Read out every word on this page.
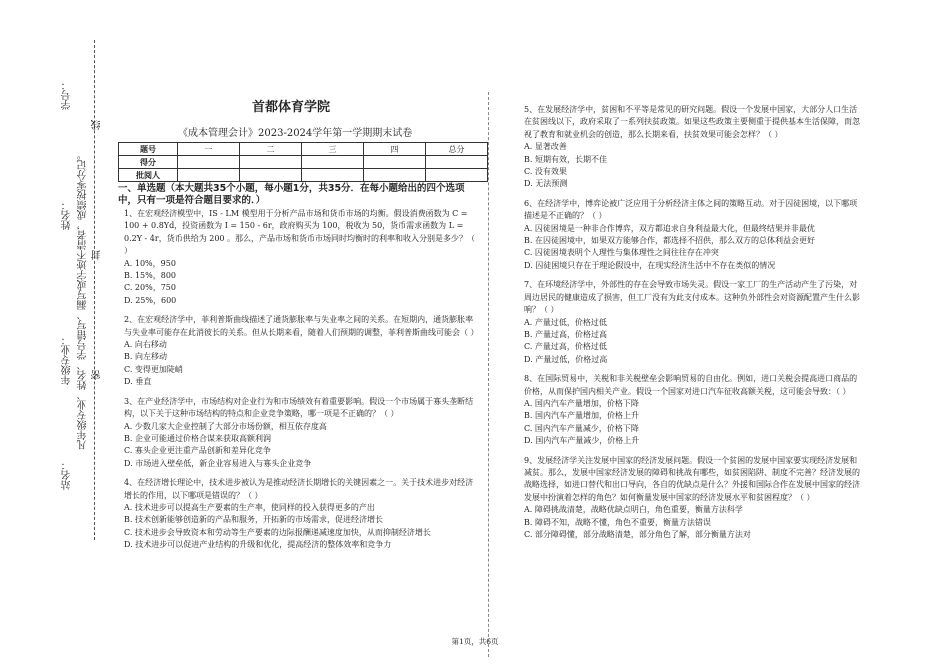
学号：
姓名：
年级专业：
站名：
凡年级专业、姓名、学号错写、漏写或字迹不清者，成绩按零分记。
线
封
密
首都体育学院
《成本管理会计》2023-2024学年第一学期期末试卷
题号	一	二	三	四	总分
得分					
批阅人					
一、单选题（本大题共35个小题，每小题1分，共35分．在每小题给出的四个选项中，只有一项是符合题目要求的．）
1、在宏观经济模型中，IS - LM 模型用于分析产品市场和货币市场的均衡。假设消费函数为 C = 100 + 0.8Yd，投资函数为 I = 150 - 6r，政府购买为 100，税收为 50，货币需求函数为 L = 0.2Y - 4r，货币供给为 200 。那么，产品市场和货币市场同时均衡时的利率和收入分别是多少？（ ）
A. 10%，950
B. 15%，800
C. 20%，750
D. 25%，600
2、在宏观经济学中，菲利普斯曲线描述了通货膨胀率与失业率之间的关系。在短期内，通货膨胀率与失业率可能存在此消彼长的关系。但从长期来看，随着人们预期的调整，菲利普斯曲线可能会（ ）
A. 向右移动
B. 向左移动
C. 变得更加陡峭
D. 垂直
3、在产业经济学中，市场结构对企业行为和市场绩效有着重要影响。假设一个市场属于寡头垄断结构，以下关于这种市场结构的特点和企业竞争策略，哪一项是不正确的？（ ）
A. 少数几家大企业控制了大部分市场份额，相互依存度高
B. 企业可能通过价格合谋来获取高额利润
C. 寡头企业更注重产品创新和差异化竞争
D. 市场进入壁垒低，新企业容易进入与寡头企业竞争
4、在经济增长理论中，技术进步被认为是推动经济长期增长的关键因素之一。关于技术进步对经济增长的作用，以下哪项是错误的？（ ）
A. 技术进步可以提高生产要素的生产率，使同样的投入获得更多的产出
B. 技术创新能够创造新的产品和服务，开拓新的市场需求，促进经济增长
C. 技术进步会导致资本和劳动等生产要素的边际报酬递减速度加快，从而抑制经济增长
D. 技术进步可以促进产业结构的升级和优化，提高经济的整体效率和竞争力
5、在发展经济学中，贫困和不平等是常见的研究问题。假设一个发展中国家，大部分人口生活在贫困线以下，政府采取了一系列扶贫政策。如果这些政策主要侧重于提供基本生活保障，而忽视了教育和就业机会的创造，那么长期来看，扶贫效果可能会怎样？（ ）
A. 显著改善
B. 短期有效，长期不佳
C. 没有效果
D. 无法预测
6、在经济学中，博弈论被广泛应用于分析经济主体之间的策略互动。对于囚徒困境，以下哪项描述是不正确的？（ ）
A. 囚徒困境是一种非合作博弈，双方都追求自身利益最大化，但最终结果并非最优
B. 在囚徒困境中，如果双方能够合作，都选择不招供，那么双方的总体利益会更好
C. 囚徒困境表明个人理性与集体理性之间往往存在冲突
D. 囚徒困境只存在于理论假设中，在现实经济生活中不存在类似的情况
7、在环境经济学中，外部性的存在会导致市场失灵。假设一家工厂的生产活动产生了污染，对周边居民的健康造成了损害，但工厂没有为此支付成本。这种负外部性会对资源配置产生什么影响？（ ）
A. 产量过低，价格过低
B. 产量过高，价格过高
C. 产量过高，价格过低
D. 产量过低，价格过高
8、在国际贸易中，关税和非关税壁垒会影响贸易的自由化。例如，进口关税会提高进口商品的价格，从而保护国内相关产业。假设一个国家对进口汽车征收高额关税，这可能会导致：（ ）
A. 国内汽车产量增加，价格下降
B. 国内汽车产量增加，价格上升
C. 国内汽车产量减少，价格下降
D. 国内汽车产量减少，价格上升
9、发展经济学关注发展中国家的经济发展问题。假设一个贫困的发展中国家要实现经济发展和减贫。那么，发展中国家经济发展的障碍和挑战有哪些，如贫困陷阱、制度不完善？经济发展的战略选择，如进口替代和出口导向，各自的优缺点是什么？外援和国际合作在发展中国家的经济发展中扮演着怎样的角色？如何衡量发展中国家的经济发展水平和贫困程度？（ ）
A. 障碍挑战清楚，战略优缺点明白，角色重要，衡量方法科学
B. 障碍不知，战略不懂，角色不重要，衡量方法错误
C. 部分障碍懂，部分战略清楚，部分角色了解，部分衡量方法对
第1页，共6页
